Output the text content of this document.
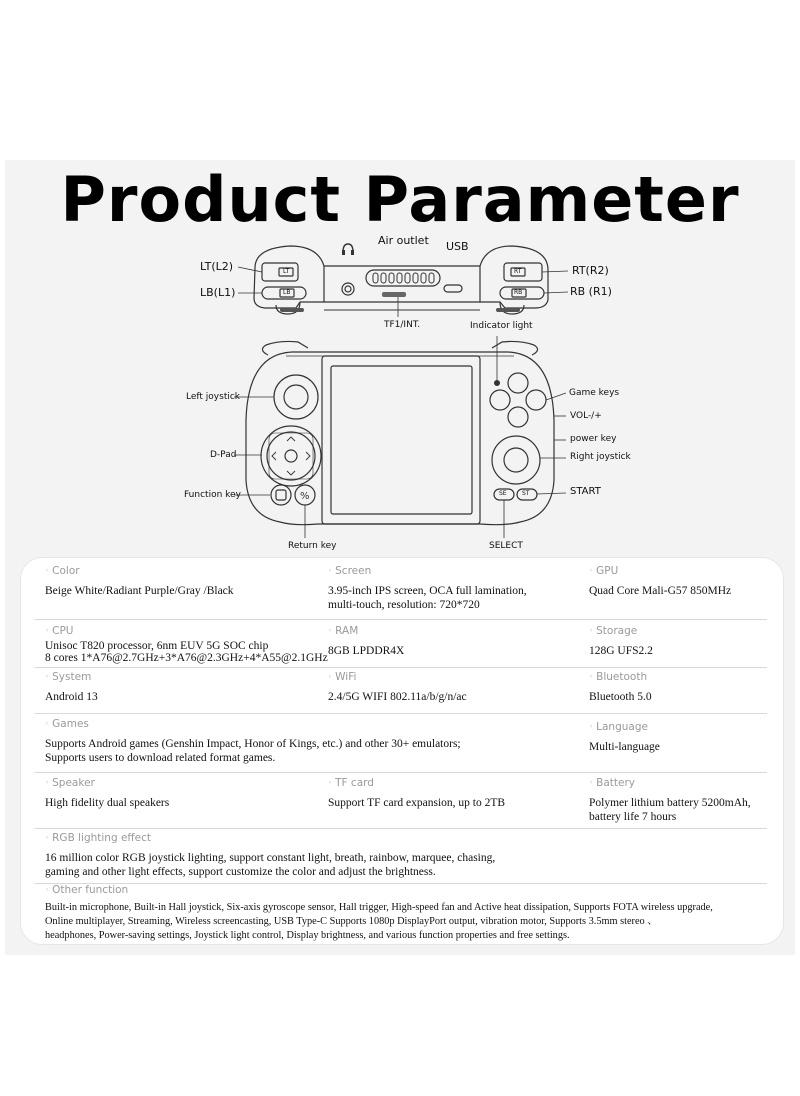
Product Parameter
%
LT
LB
RT
RB
SE	ST
LT(L2)
LB(L1)
Air outlet USB
RT(R2)
RB (R1)
TF1/INT.	Indicator light
Left joystick
D-Pad
Function key
Return key
Game keys
VOL-/+
power key
Right joystick
START
SELECT
◦ Color
Beige White/Radiant Purple/Gray /Black
◦ Screen
3.95-inch IPS screen, OCA full lamination,
multi-touch, resolution: 720*720
◦ GPU
Quad Core Mali-G57 850MHz
◦ CPU
Unisoc T820 processor, 6nm EUV 5G SOC chip
8 cores 1*A76@2.7GHz+3*A76@2.3GHz+4*A55@2.1GHz
◦ RAM
8GB LPDDR4X
◦ Storage
128G UFS2.2
◦ System
Android 13
◦ WiFi
2.4/5G WIFI 802.11a/b/g/n/ac
◦ Bluetooth
Bluetooth 5.0
◦ Games
Supports Android games (Genshin Impact, Honor of Kings, etc.) and other 30+ emulators;
Supports users to download related format games.
◦ Language
Multi-language
◦ Speaker
High fidelity dual speakers
◦ TF card
Support TF card expansion, up to 2TB
◦ Battery
Polymer lithium battery 5200mAh,
battery life 7 hours
◦ RGB lighting effect
16 million color RGB joystick lighting, support constant light, breath, rainbow, marquee, chasing,
gaming and other light effects, support customize the color and adjust the brightness.
◦ Other function
Built-in microphone, Built-in Hall joystick, Six-axis gyroscope sensor, Hall trigger, High-speed fan and Active heat dissipation, Supports FOTA wireless upgrade,
Online multiplayer, Streaming, Wireless screencasting, USB Type-C Supports 1080p DisplayPort output, vibration motor, Supports 3.5mm stereo 、
headphones, Power-saving settings, Joystick light control, Display brightness, and various function properties and free settings.
